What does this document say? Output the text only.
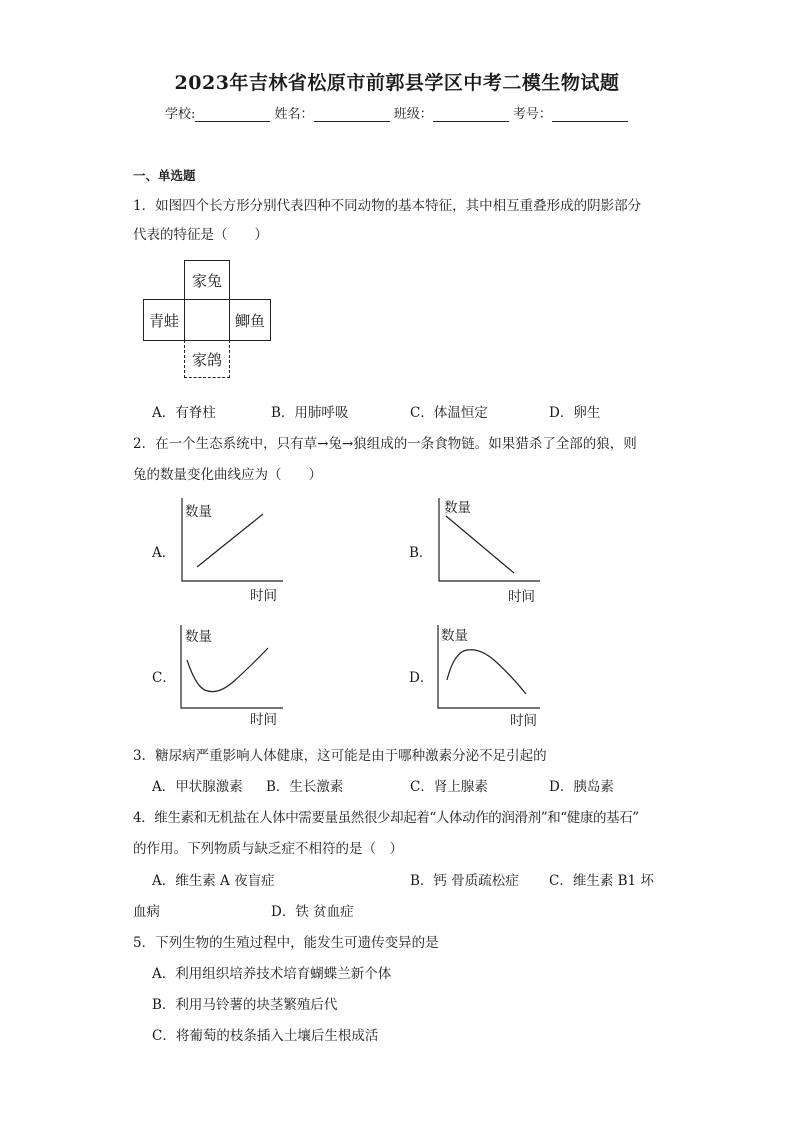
2023年吉林省松原市前郭县学区中考二模生物试题
学校:	姓名：	班级：	考号：
一、单选题
1．如图四个长方形分别代表四种不同动物的基本特征，其中相互重叠形成的阴影部分
代表的特征是（　　）
家兔
青蛙	鲫鱼
家鸽
A．有脊柱	B．用肺呼吸	C．体温恒定	D．卵生
2．在一个生态系统中，只有草→兔→狼组成的一条食物链。如果猎杀了全部的狼，则
兔的数量变化曲线应为（　　）
A．
数量
时间
B．
数量
时间
C．
数量
时间
D．
数量
时间
3．糖尿病严重影响人体健康，这可能是由于哪种激素分泌不足引起的
A．甲状腺激素 B．生长激素	C．肾上腺素	D．胰岛素
4．维生素和无机盐在人体中需要量虽然很少却起着“人体动作的润滑剂”和“健康的基石”
的作用。下列物质与缺乏症不相符的是（　）
A．维生素 A 夜盲症	B．钙 骨质疏松症 C．维生素 B1 坏
血病	D．铁 贫血症
5．下列生物的生殖过程中，能发生可遗传变异的是
A．利用组织培养技术培育蝴蝶兰新个体
B．利用马铃薯的块茎繁殖后代
C．将葡萄的枝条插入土壤后生根成活
